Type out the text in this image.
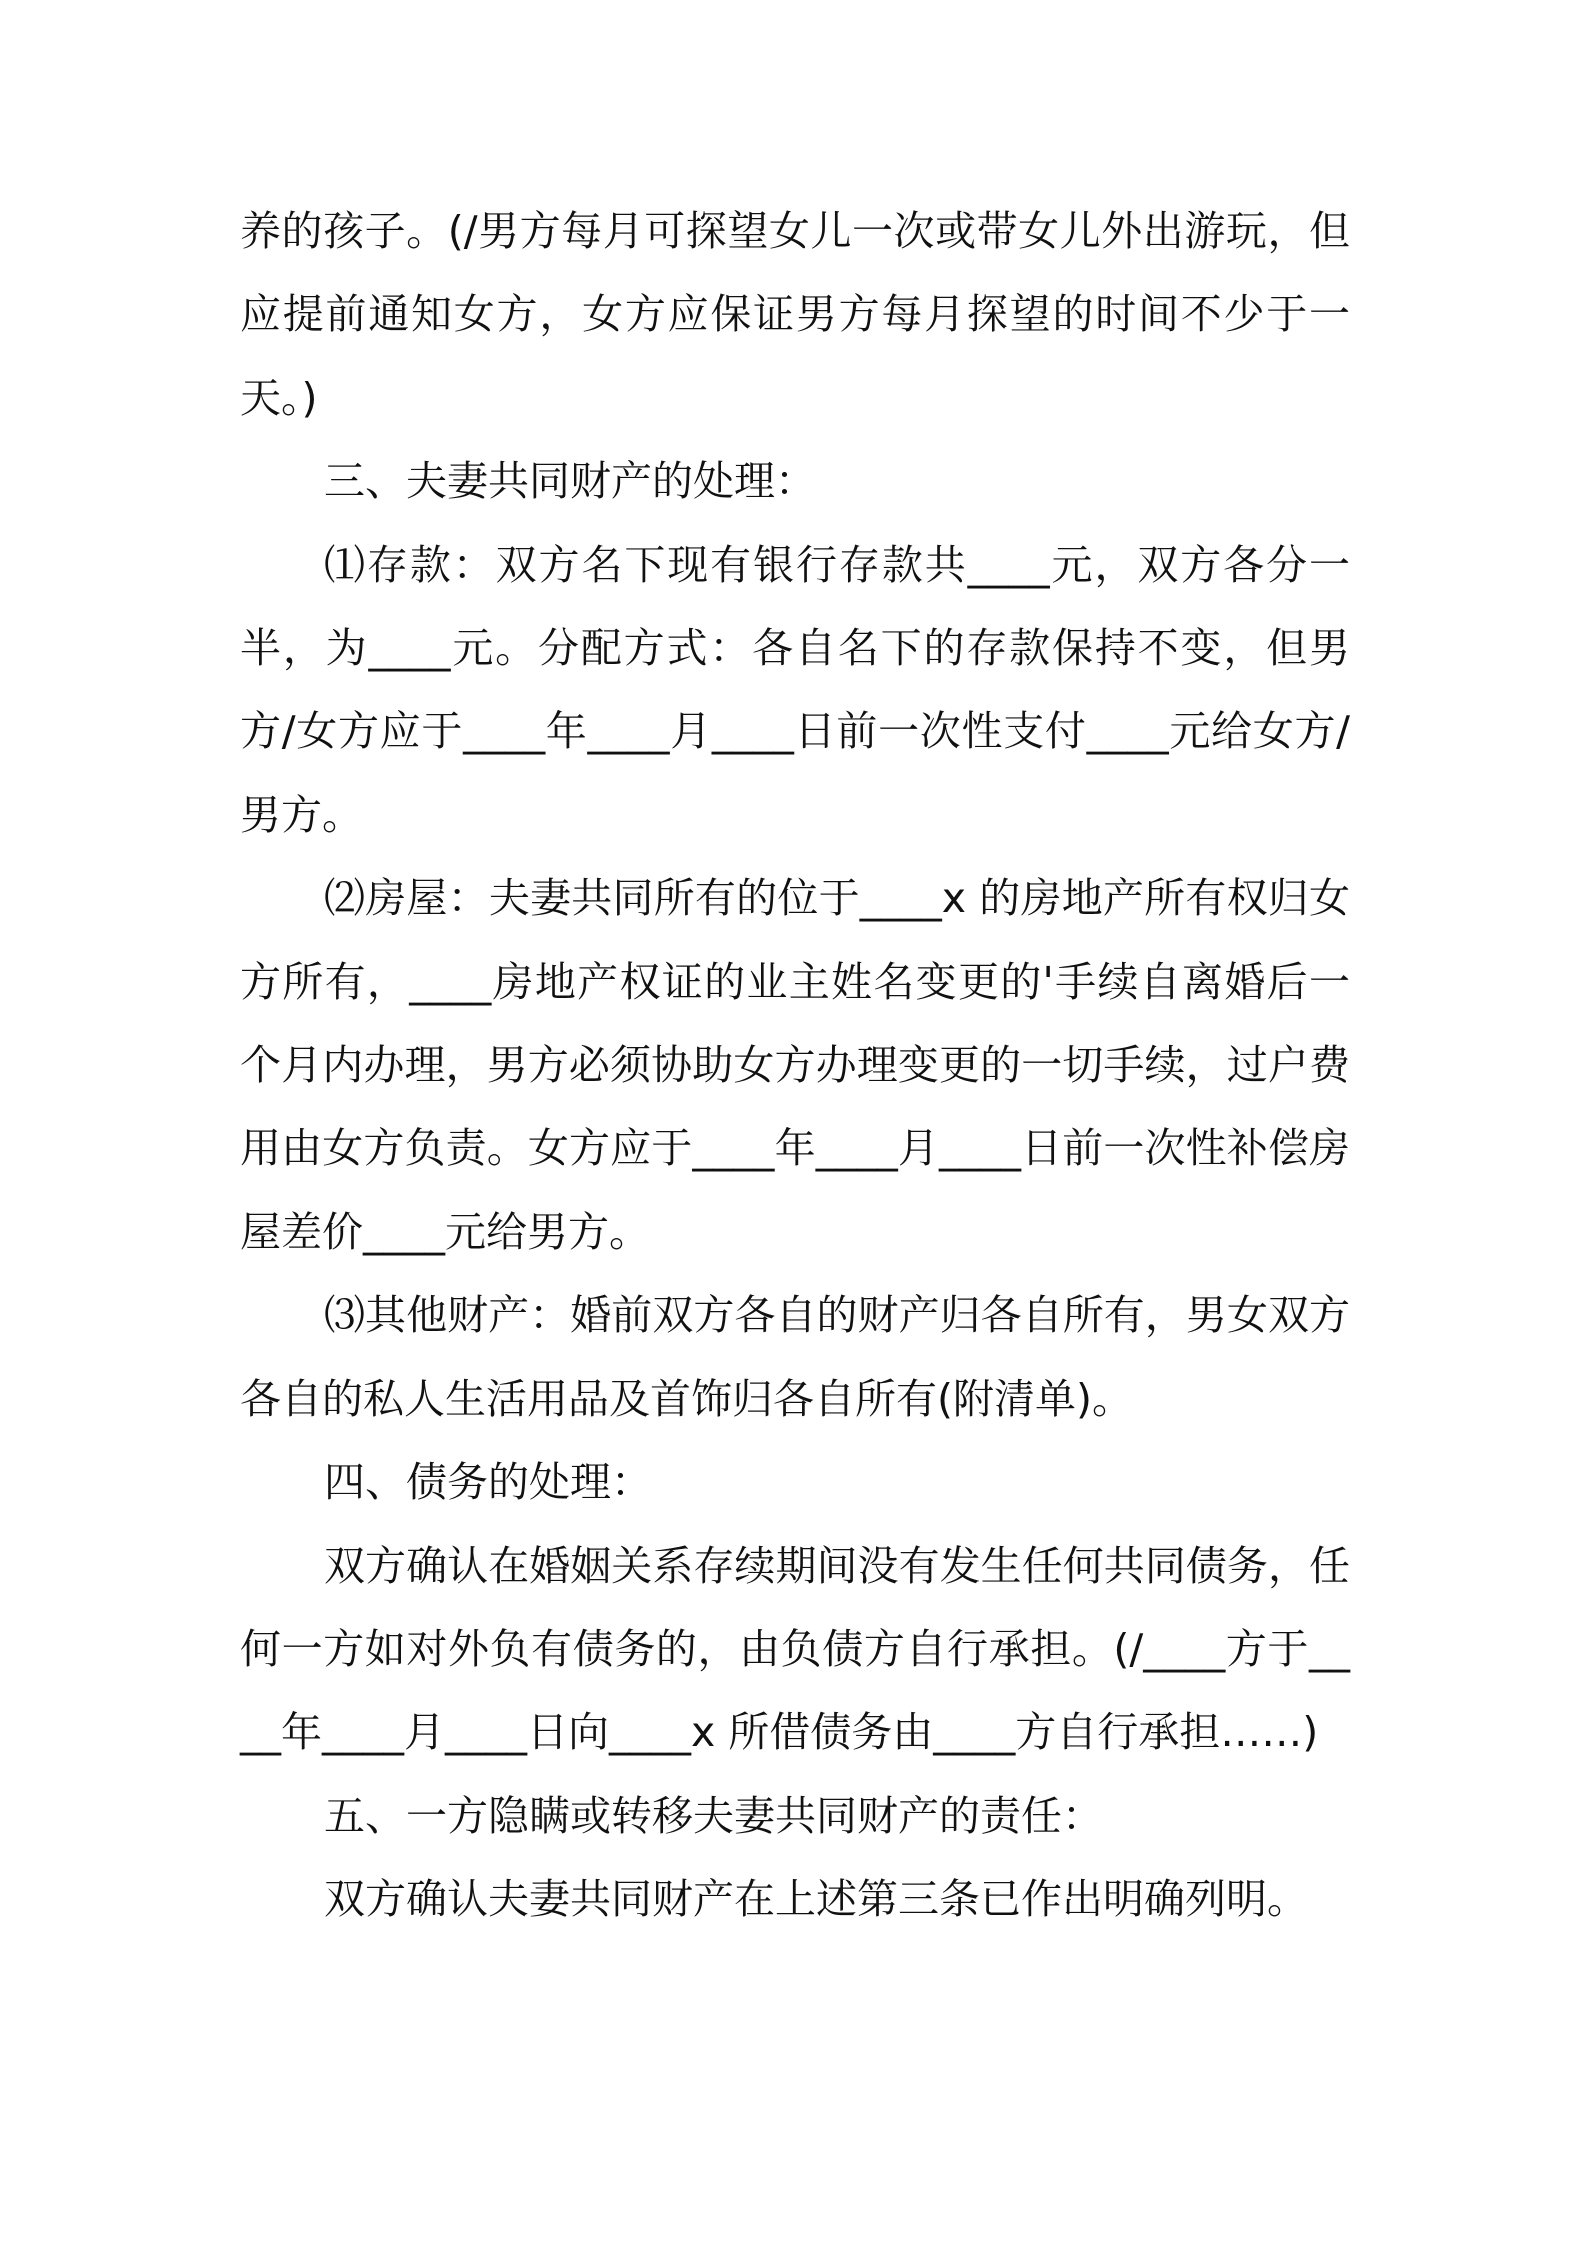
养的孩子。(/男方每月可探望女儿一次或带女儿外出游玩，但应提前通知女方，女方应保证男方每月探望的时间不少于一天。)

三、夫妻共同财产的处理：

⑴存款：双方名下现有银行存款共____元，双方各分一半，为____元。分配方式：各自名下的存款保持不变，但男方/女方应于____年____月____日前一次性支付____元给女方/男方。

⑵房屋：夫妻共同所有的位于____x 的房地产所有权归女方所有，____房地产权证的业主姓名变更的'手续自离婚后一个月内办理，男方必须协助女方办理变更的一切手续，过户费用由女方负责。女方应于____年____月____日前一次性补偿房屋差价____元给男方。

⑶其他财产：婚前双方各自的财产归各自所有，男女双方各自的私人生活用品及首饰归各自所有(附清单)。

四、债务的处理：

双方确认在婚姻关系存续期间没有发生任何共同债务，任何一方如对外负有债务的，由负债方自行承担。(/____方于____年____月____日向____x 所借债务由____方自行承担……)

五、一方隐瞒或转移夫妻共同财产的责任：

双方确认夫妻共同财产在上述第三条已作出明确列明。
